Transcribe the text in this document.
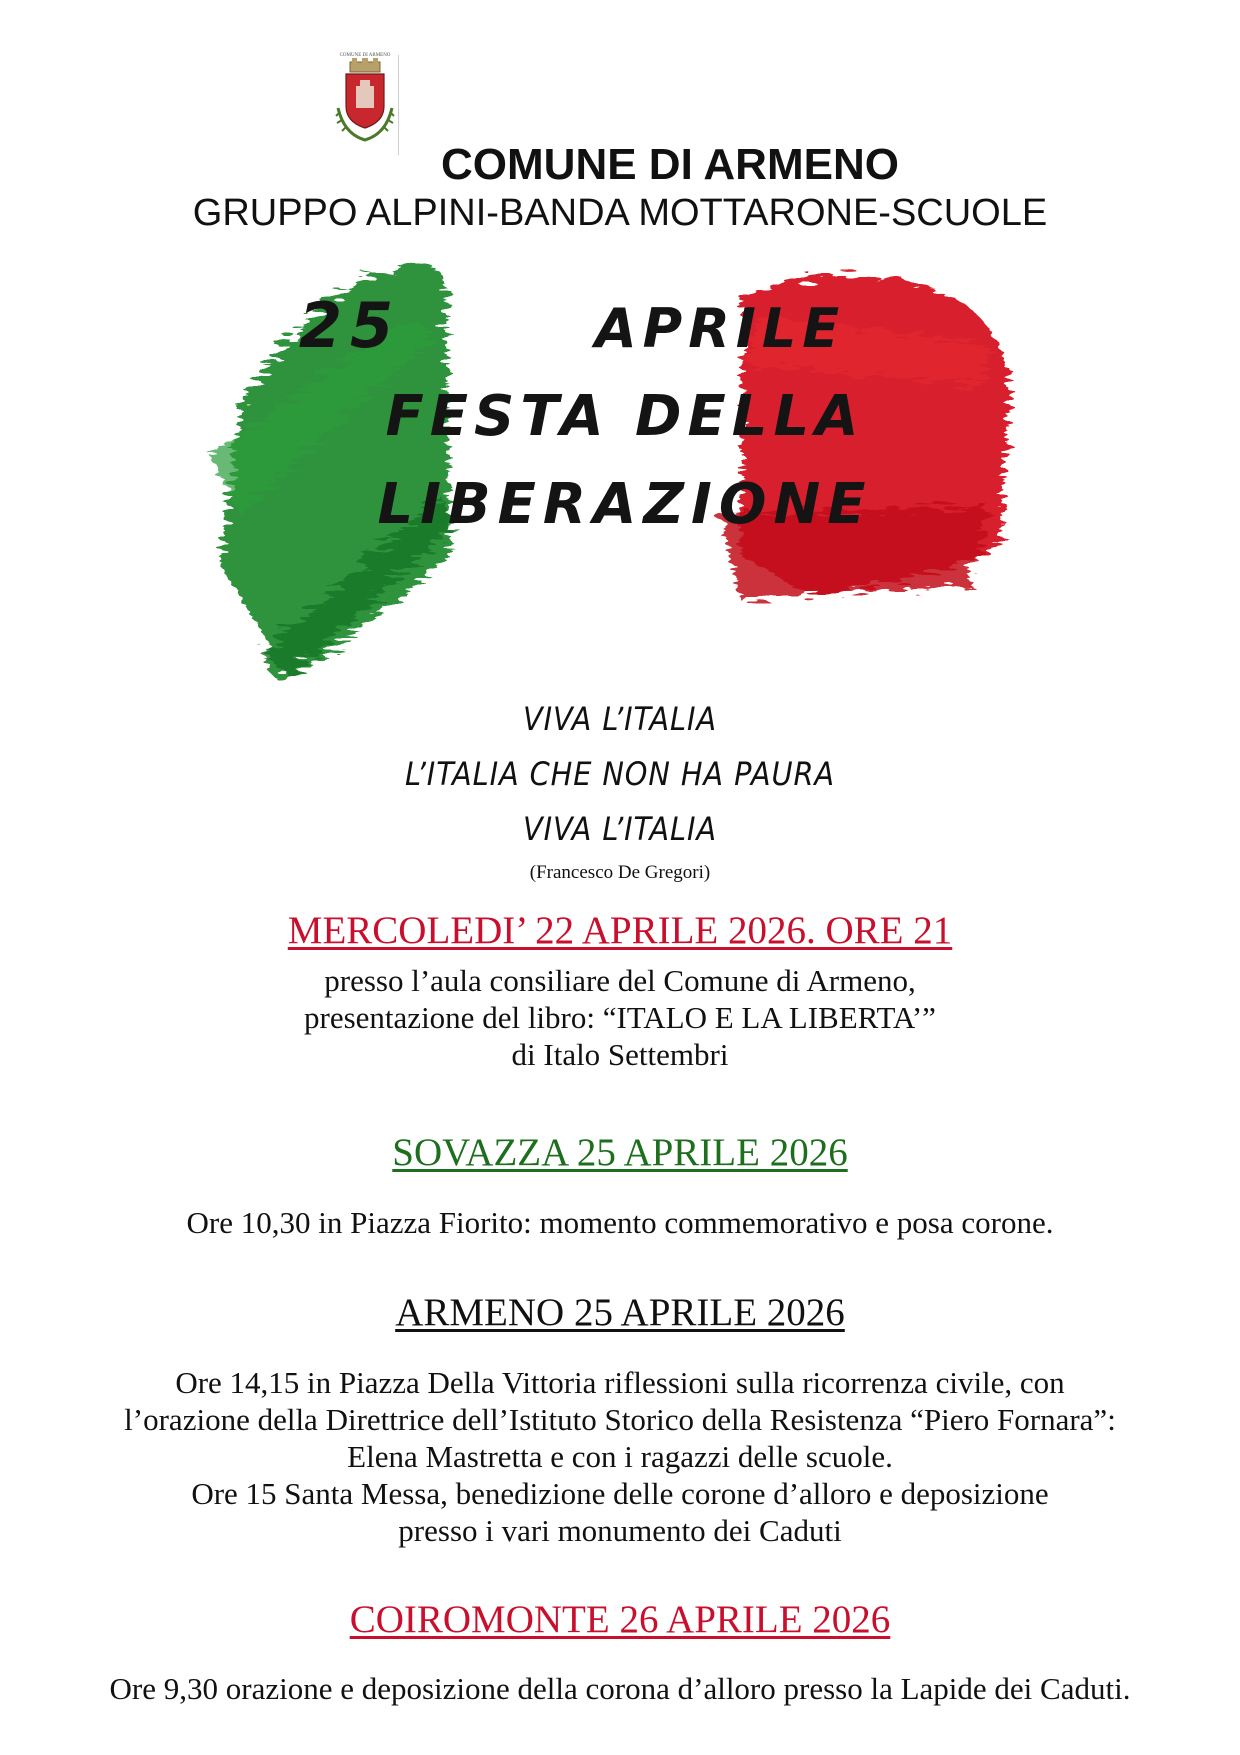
COMUNE DI ARMENO
COMUNE DI ARMENO
GRUPPO ALPINI-BANDA MOTTARONE-SCUOLE
25	APRILE
FESTA DELLA
LIBERAZIONE
VIVA L’ITALIA
L’ITALIA CHE NON HA PAURA
VIVA L’ITALIA
(Francesco De Gregori)
MERCOLEDI’ 22 APRILE 2026. ORE 21
presso l’aula consiliare del Comune di Armeno,
presentazione del libro: “ITALO E LA LIBERTA’”
di Italo Settembri
SOVAZZA 25 APRILE 2026
Ore 10,30 in Piazza Fiorito: momento commemorativo e posa corone.
ARMENO 25 APRILE 2026
Ore 14,15 in Piazza Della Vittoria riflessioni sulla ricorrenza civile, con
l’orazione della Direttrice dell’Istituto Storico della Resistenza “Piero Fornara”:
Elena Mastretta e con i ragazzi delle scuole.
Ore 15 Santa Messa, benedizione delle corone d’alloro e deposizione
presso i vari monumento dei Caduti
COIROMONTE 26 APRILE 2026
Ore 9,30 orazione e deposizione della corona d’alloro presso la Lapide dei Caduti.
